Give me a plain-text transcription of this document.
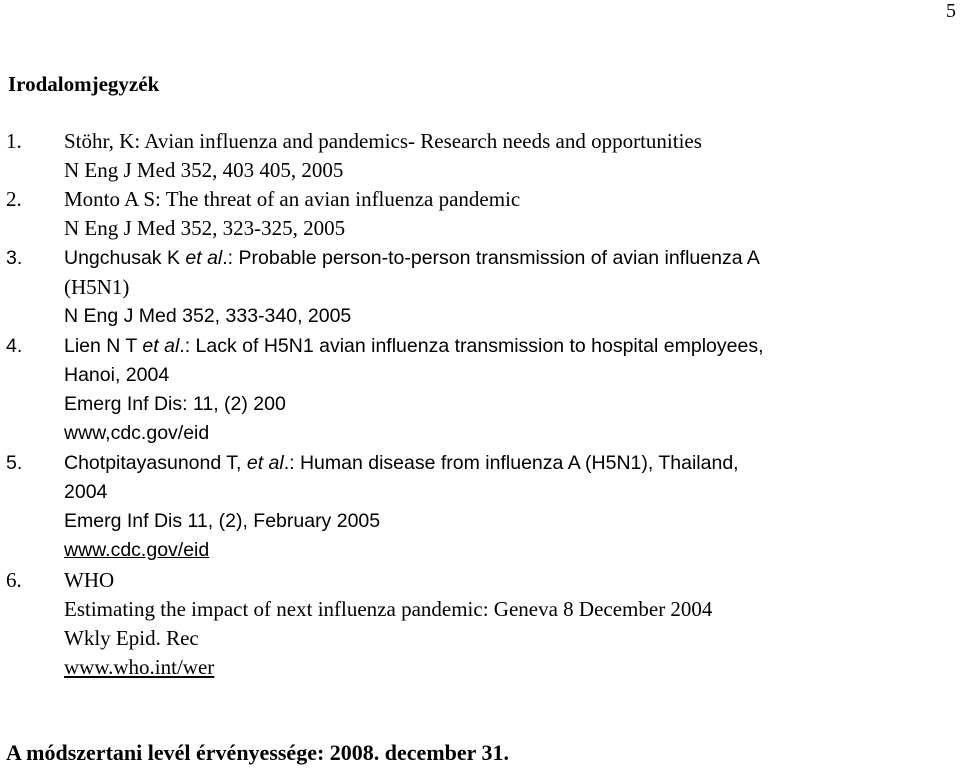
5
Irodalomjegyzék
1. Stöhr, K: Avian influenza and pandemics- Research needs and opportunities
N Eng J Med 352, 403 405, 2005
2. Monto A S: The threat of an avian influenza pandemic
N Eng J Med 352, 323-325, 2005
3. Ungchusak K et al.: Probable person-to-person transmission of avian influenza A
(H5N1)
N Eng J Med 352, 333-340, 2005
4. Lien N T et al.: Lack of H5N1 avian influenza transmission to hospital employees,
Hanoi, 2004
Emerg Inf Dis: 11, (2) 200
www,cdc.gov/eid
5. Chotpitayasunond T, et al.: Human disease from influenza A (H5N1), Thailand,
2004
Emerg Inf Dis 11, (2), February 2005
www.cdc.gov/eid
6. WHO
Estimating the impact of next influenza pandemic: Geneva 8 December 2004
Wkly Epid. Rec
www.who.int/wer
A módszertani levél érvényessége: 2008. december 31.
